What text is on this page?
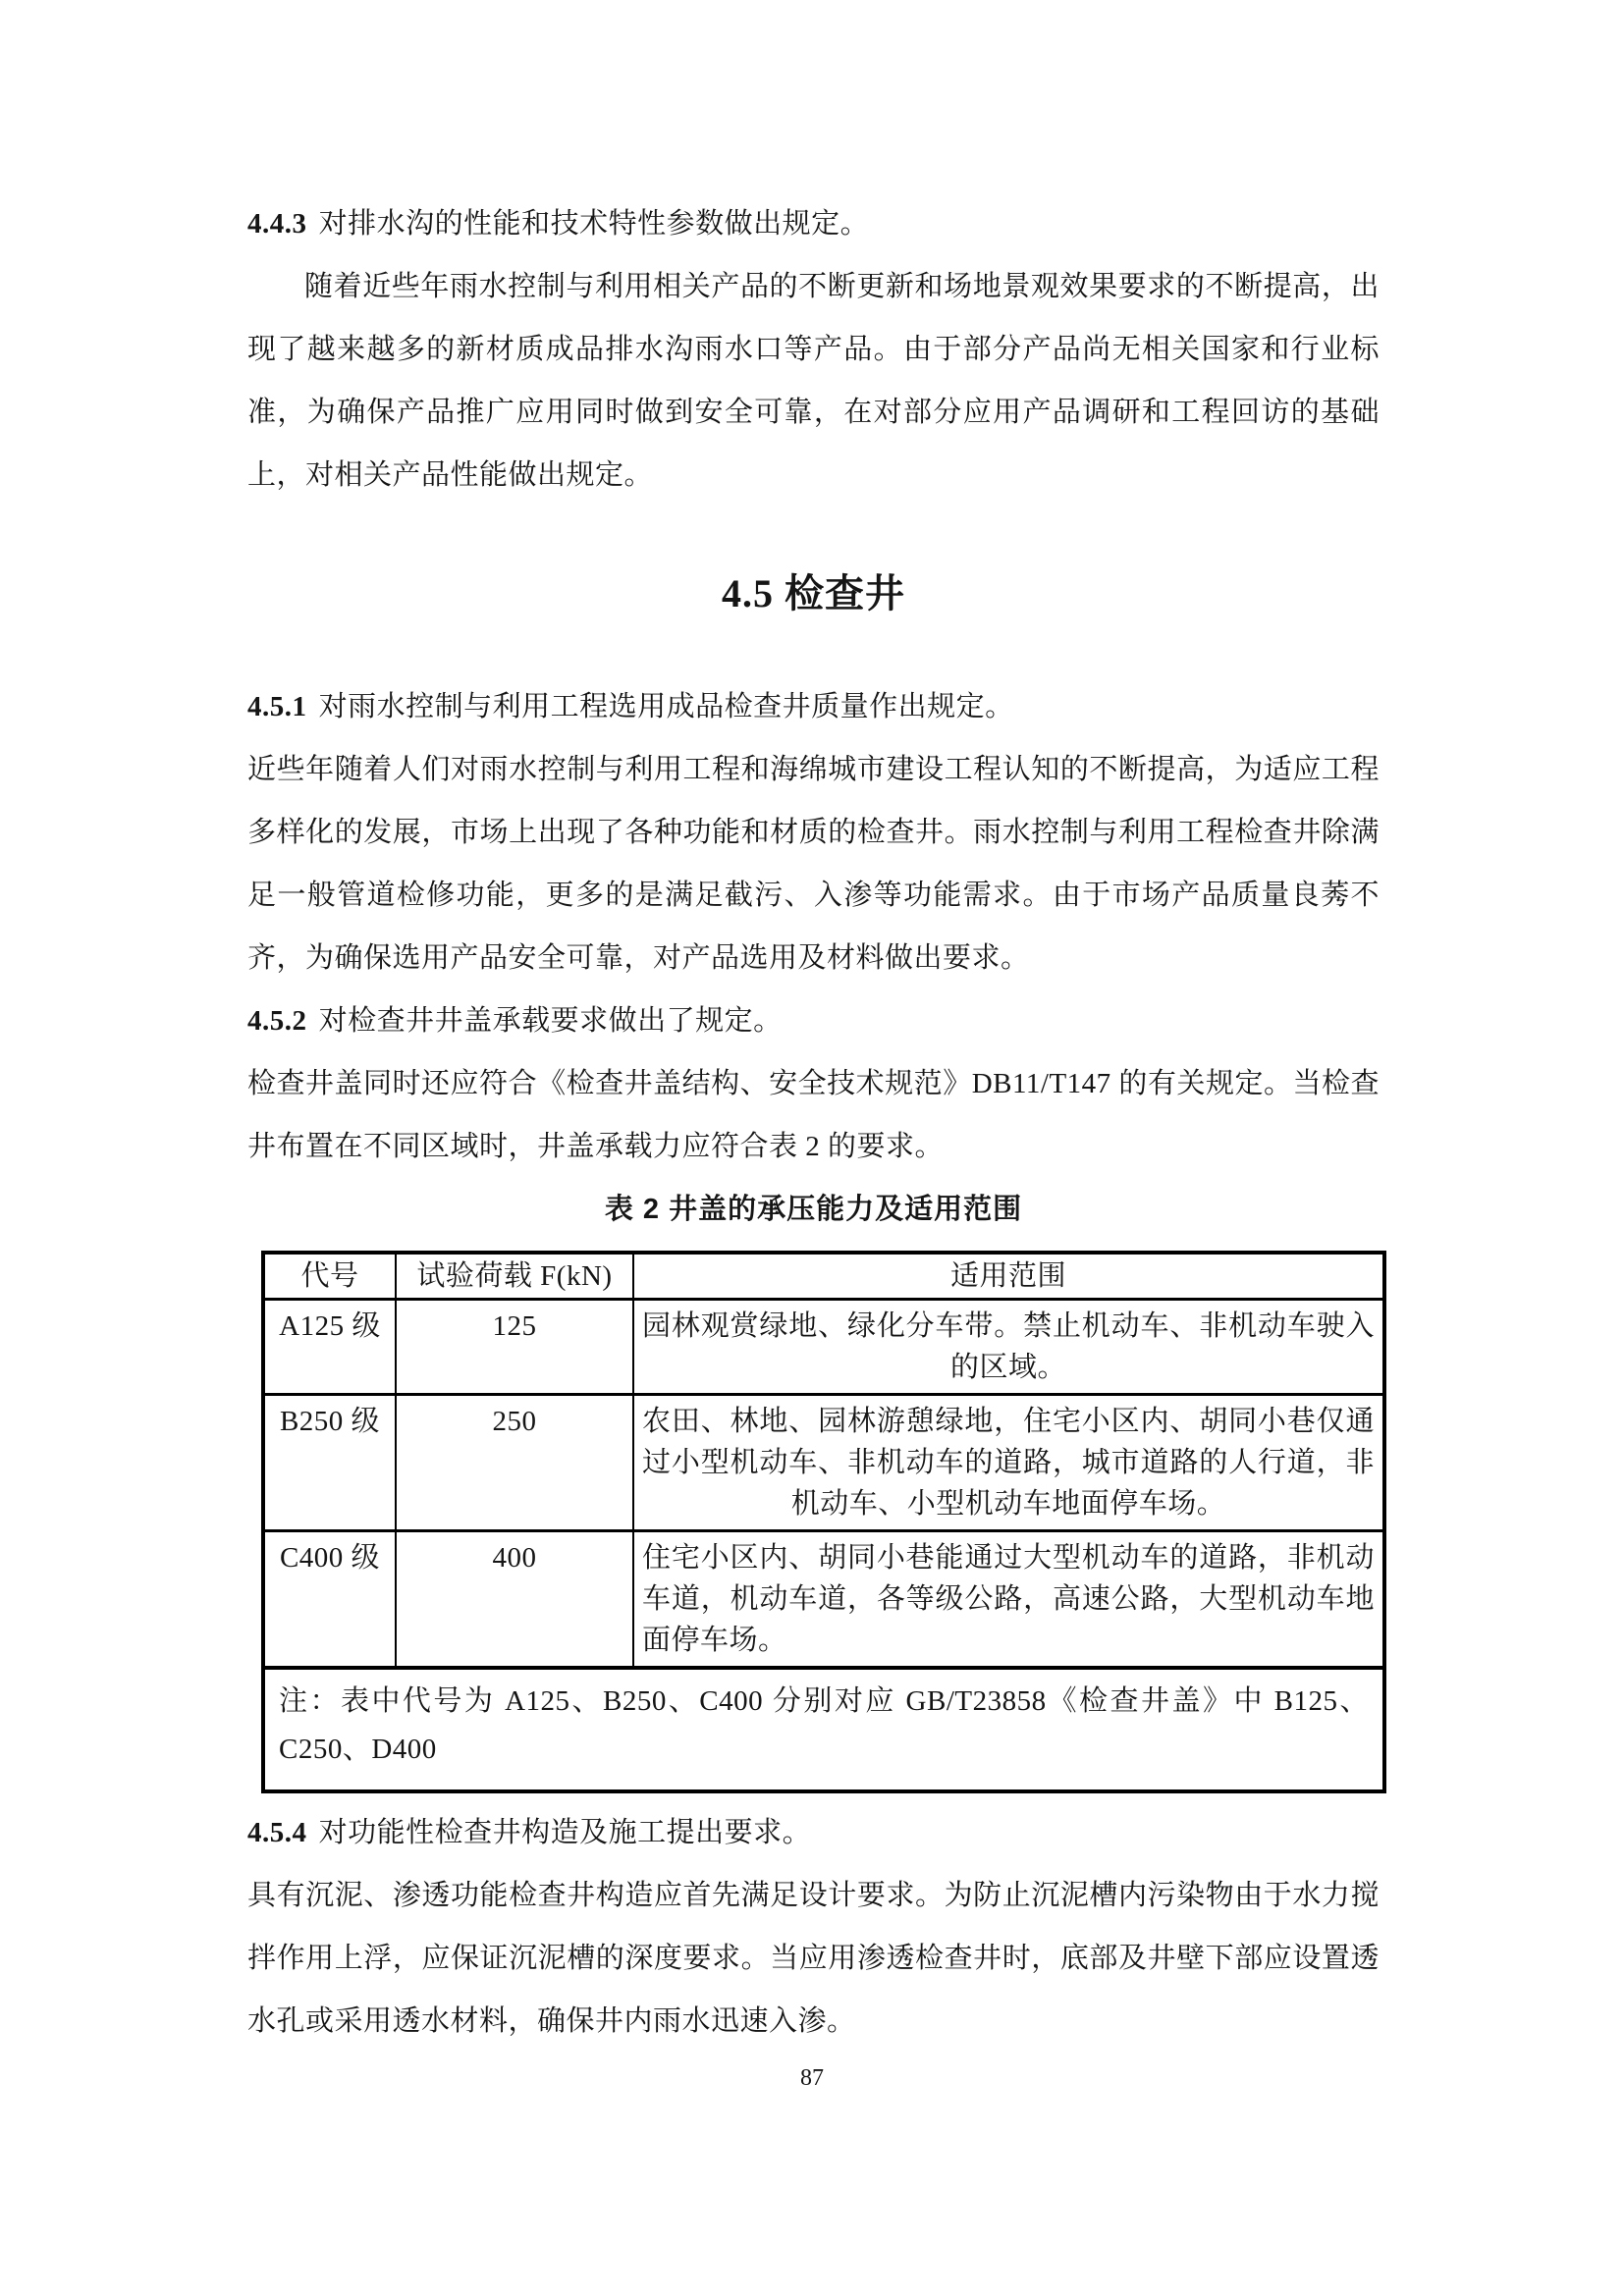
4.4.3 对排水沟的性能和技术特性参数做出规定。

随着近些年雨水控制与利用相关产品的不断更新和场地景观效果要求的不断提高，出现了越来越多的新材质成品排水沟雨水口等产品。由于部分产品尚无相关国家和行业标准，为确保产品推广应用同时做到安全可靠，在对部分应用产品调研和工程回访的基础上，对相关产品性能做出规定。

4.5 检查井

4.5.1 对雨水控制与利用工程选用成品检查井质量作出规定。

近些年随着人们对雨水控制与利用工程和海绵城市建设工程认知的不断提高，为适应工程多样化的发展，市场上出现了各种功能和材质的检查井。雨水控制与利用工程检查井除满足一般管道检修功能，更多的是满足截污、入渗等功能需求。由于市场产品质量良莠不齐，为确保选用产品安全可靠，对产品选用及材料做出要求。

4.5.2 对检查井井盖承载要求做出了规定。

检查井盖同时还应符合《检查井盖结构、安全技术规范》DB11/T147 的有关规定。当检查井布置在不同区域时，井盖承载力应符合表 2 的要求。

表 2 井盖的承压能力及适用范围

代号	试验荷载 F(kN)	适用范围
A125 级	125	园林观赏绿地、绿化分车带。禁止机动车、非机动车驶入的区域。
B250 级	250	农田、林地、园林游憩绿地，住宅小区内、胡同小巷仅通过小型机动车、非机动车的道路，城市道路的人行道，非机动车、小型机动车地面停车场。
C400 级	400	住宅小区内、胡同小巷能通过大型机动车的道路，非机动车道，机动车道，各等级公路，高速公路，大型机动车地面停车场。
注：表中代号为 A125、B250、C400 分别对应 GB/T23858《检查井盖》中 B125、C250、D400		

4.5.4 对功能性检查井构造及施工提出要求。

具有沉泥、渗透功能检查井构造应首先满足设计要求。为防止沉泥槽内污染物由于水力搅拌作用上浮，应保证沉泥槽的深度要求。当应用渗透检查井时，底部及井壁下部应设置透水孔或采用透水材料，确保井内雨水迅速入渗。

87
